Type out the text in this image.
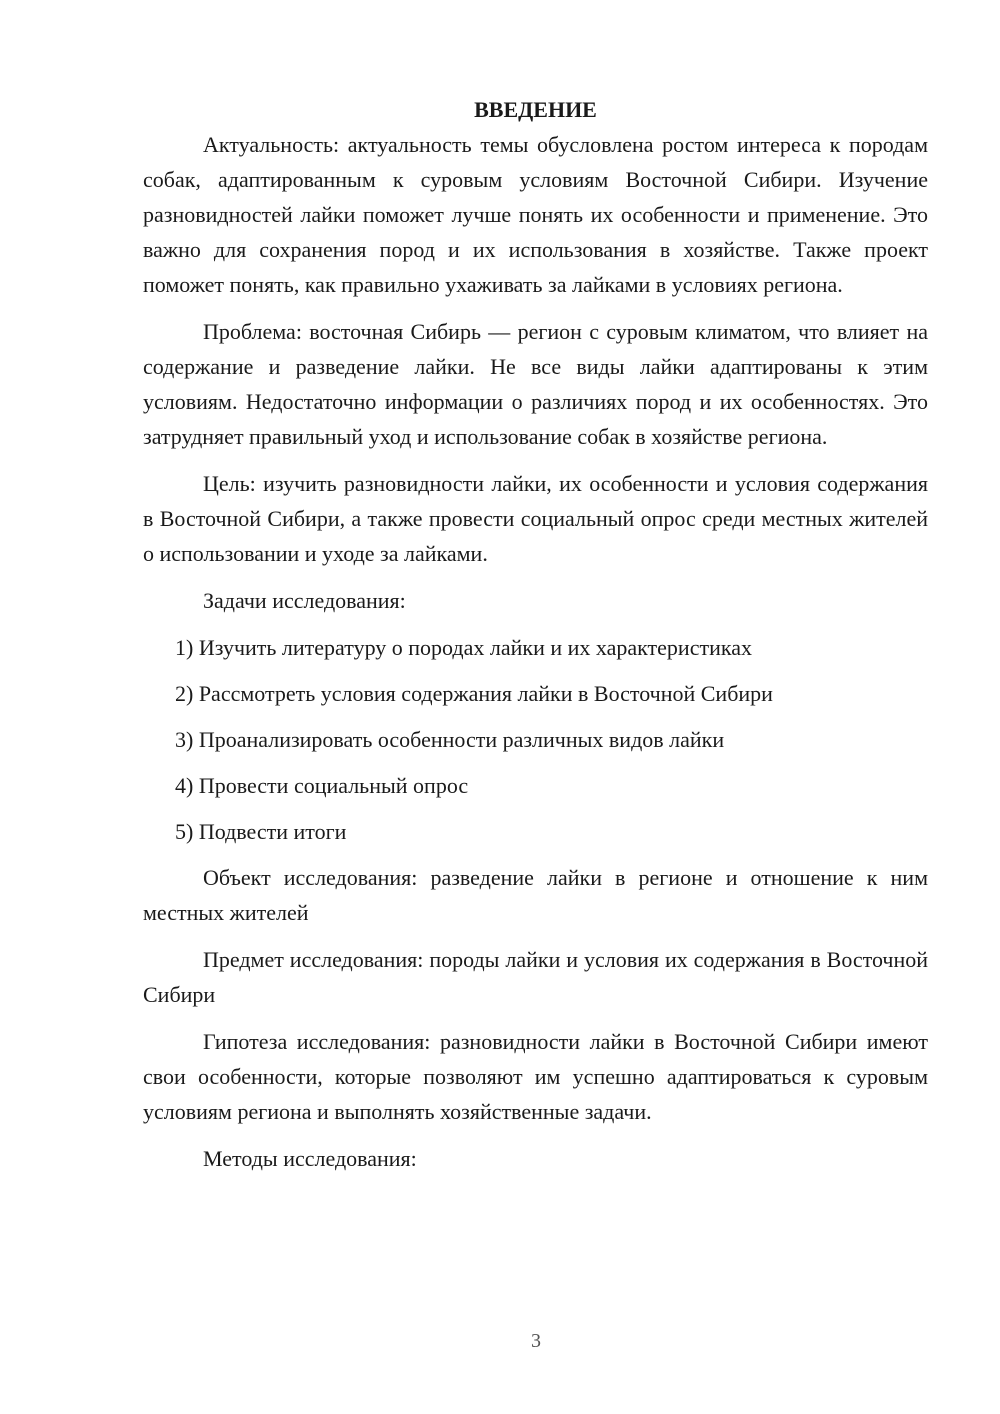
ВВЕДЕНИЕ

Актуальность: актуальность темы обусловлена ростом интереса к породам собак, адаптированным к суровым условиям Восточной Сибири. Изучение разновидностей лайки поможет лучше понять их особенности и применение. Это важно для сохранения пород и их использования в хозяйстве. Также проект поможет понять, как правильно ухаживать за лайками в условиях региона.

Проблема: восточная Сибирь — регион с суровым климатом, что влияет на содержание и разведение лайки. Не все виды лайки адаптированы к этим условиям. Недостаточно информации о различиях пород и их особенностях. Это затрудняет правильный уход и использование собак в хозяйстве региона.

Цель: изучить разновидности лайки, их особенности и условия содержания в Восточной Сибири, а также провести социальный опрос среди местных жителей о использовании и уходе за лайками.

Задачи исследования:

1) Изучить литературу о породах лайки и их характеристиках
2) Рассмотреть условия содержания лайки в Восточной Сибири
3) Проанализировать особенности различных видов лайки
4) Провести социальный опрос
5) Подвести итоги

Объект исследования: разведение лайки в регионе и отношение к ним местных жителей

Предмет исследования: породы лайки и условия их содержания в Восточной Сибири

Гипотеза исследования: разновидности лайки в Восточной Сибири имеют свои особенности, которые позволяют им успешно адаптироваться к суровым условиям региона и выполнять хозяйственные задачи.

Методы исследования:

3
